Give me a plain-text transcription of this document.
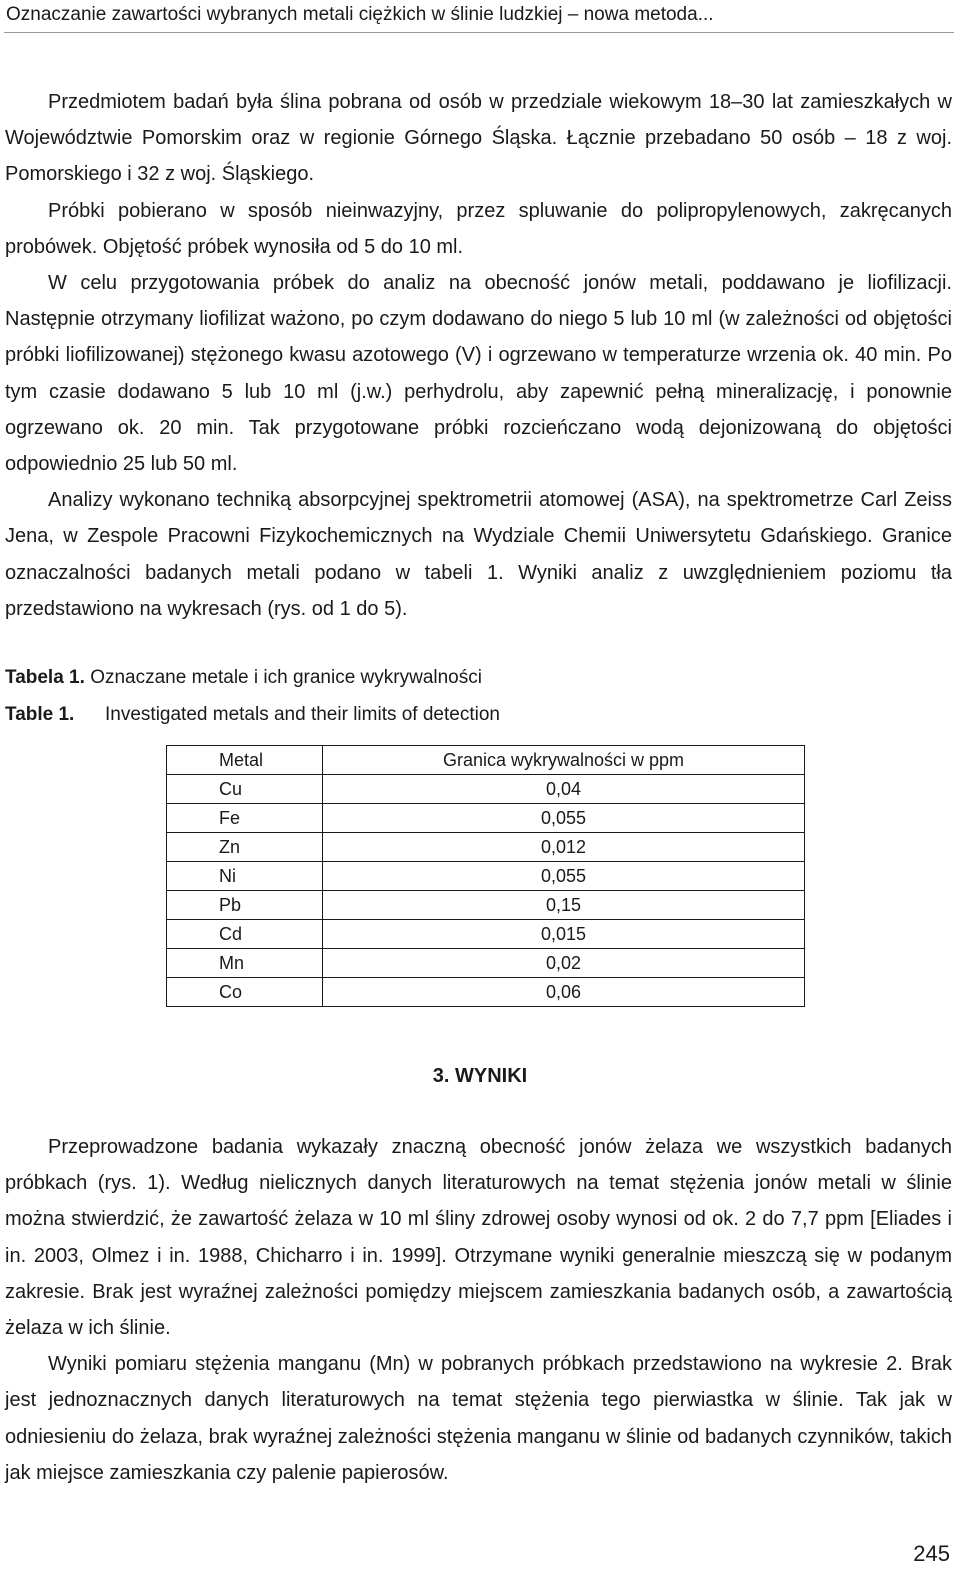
Oznaczanie zawartości wybranych metali ciężkich w ślinie ludzkiej – nowa metoda...

Przedmiotem badań była ślina pobrana od osób w przedziale wiekowym 18–30 lat zamieszkałych w Województwie Pomorskim oraz w regionie Górnego Śląska. Łącznie przebadano 50 osób – 18 z woj. Pomorskiego i 32 z woj. Śląskiego.

Próbki pobierano w sposób nieinwazyjny, przez spluwanie do polipropylenowych, zakręcanych probówek. Objętość próbek wynosiła od 5 do 10 ml.

W celu przygotowania próbek do analiz na obecność jonów metali, poddawano je liofilizacji. Następnie otrzymany liofilizat ważono, po czym dodawano do niego 5 lub 10 ml (w zależności od objętości próbki liofilizowanej) stężonego kwasu azotowego (V) i ogrzewano w temperaturze wrzenia ok. 40 min. Po tym czasie dodawano 5 lub 10 ml (j.w.) perhydrolu, aby zapewnić pełną mineralizację, i ponownie ogrzewano ok. 20 min. Tak przygotowane próbki rozcieńczano wodą dejonizowaną do objętości odpowiednio 25 lub 50 ml.

Analizy wykonano techniką absorpcyjnej spektrometrii atomowej (ASA), na spektrometrze Carl Zeiss Jena, w Zespole Pracowni Fizykochemicznych na Wydziale Chemii Uniwersytetu Gdańskiego. Granice oznaczalności badanych metali podano w tabeli 1. Wyniki analiz z uwzględnieniem poziomu tła przedstawiono na wykresach (rys. od 1 do 5).

Tabela 1. Oznaczane metale i ich granice wykrywalności
Table 1. Investigated metals and their limits of detection
Metal	Granica wykrywalności w ppm
Cu	0,04
Fe	0,055
Zn	0,012
Ni	0,055
Pb	0,15
Cd	0,015
Mn	0,02
Co	0,06
3. WYNIKI

Przeprowadzone badania wykazały znaczną obecność jonów żelaza we wszystkich badanych próbkach (rys. 1). Według nielicznych danych literaturowych na temat stężenia jonów metali w ślinie można stwierdzić, że zawartość żelaza w 10 ml śliny zdrowej osoby wynosi od ok. 2 do 7,7 ppm [Eliades i in. 2003, Olmez i in. 1988, Chicharro i in. 1999]. Otrzymane wyniki generalnie mieszczą się w podanym zakresie. Brak jest wyraźnej zależności pomiędzy miejscem zamieszkania badanych osób, a zawartością żelaza w ich ślinie.

Wyniki pomiaru stężenia manganu (Mn) w pobranych próbkach przedstawiono na wykresie 2. Brak jest jednoznacznych danych literaturowych na temat stężenia tego pierwiastka w ślinie. Tak jak w odniesieniu do żelaza, brak wyraźnej zależności stężenia manganu w ślinie od badanych czynników, takich jak miejsce zamieszkania czy palenie papierosów.

245
